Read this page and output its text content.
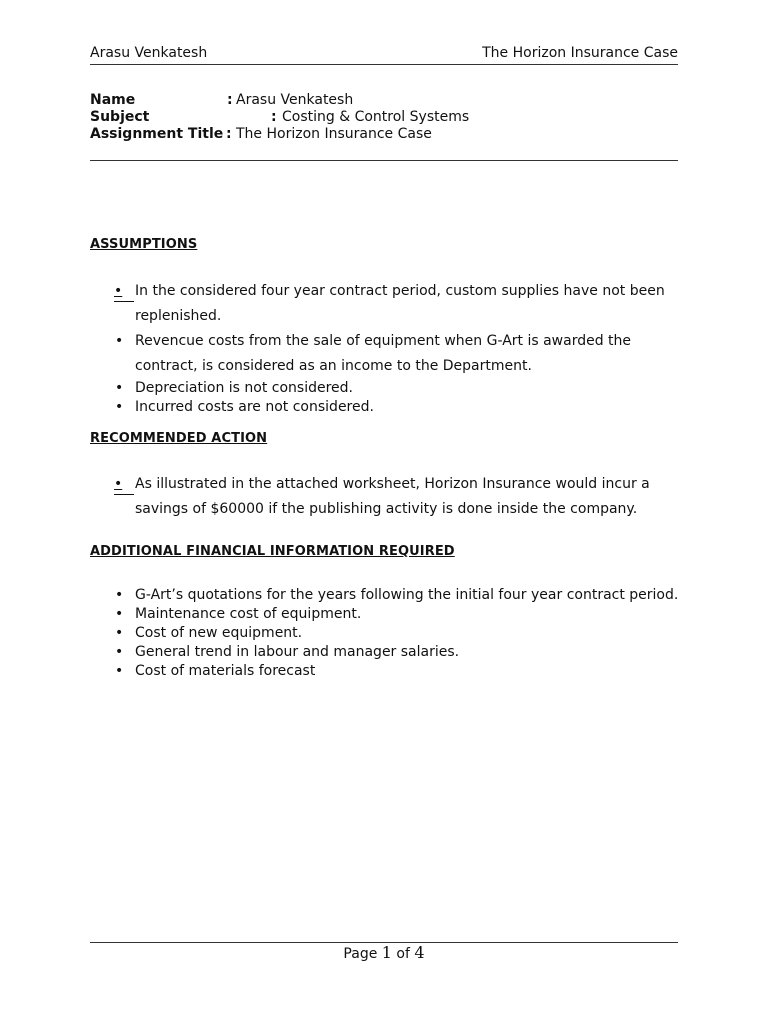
Arasu Venkatesh	The Horizon Insurance Case
Name	: Arasu Venkatesh
Subject	: Costing & Control Systems
Assignment Title : The Horizon Insurance Case
ASSUMPTIONS
• In the considered four year contract period, custom supplies have not been
replenished.
• Revencue costs from the sale of equipment when G-Art is awarded the
contract, is considered as an income to the Department.
• Depreciation is not considered.
• Incurred costs are not considered.
RECOMMENDED ACTION
• As illustrated in the attached worksheet, Horizon Insurance would incur a
savings of $60000 if the publishing activity is done inside the company.
ADDITIONAL FINANCIAL INFORMATION REQUIRED
• G-Art’s quotations for the years following the initial four year contract period.
• Maintenance cost of equipment.
• Cost of new equipment.
• General trend in labour and manager salaries.
• Cost of materials forecast
Page 1 of 4
